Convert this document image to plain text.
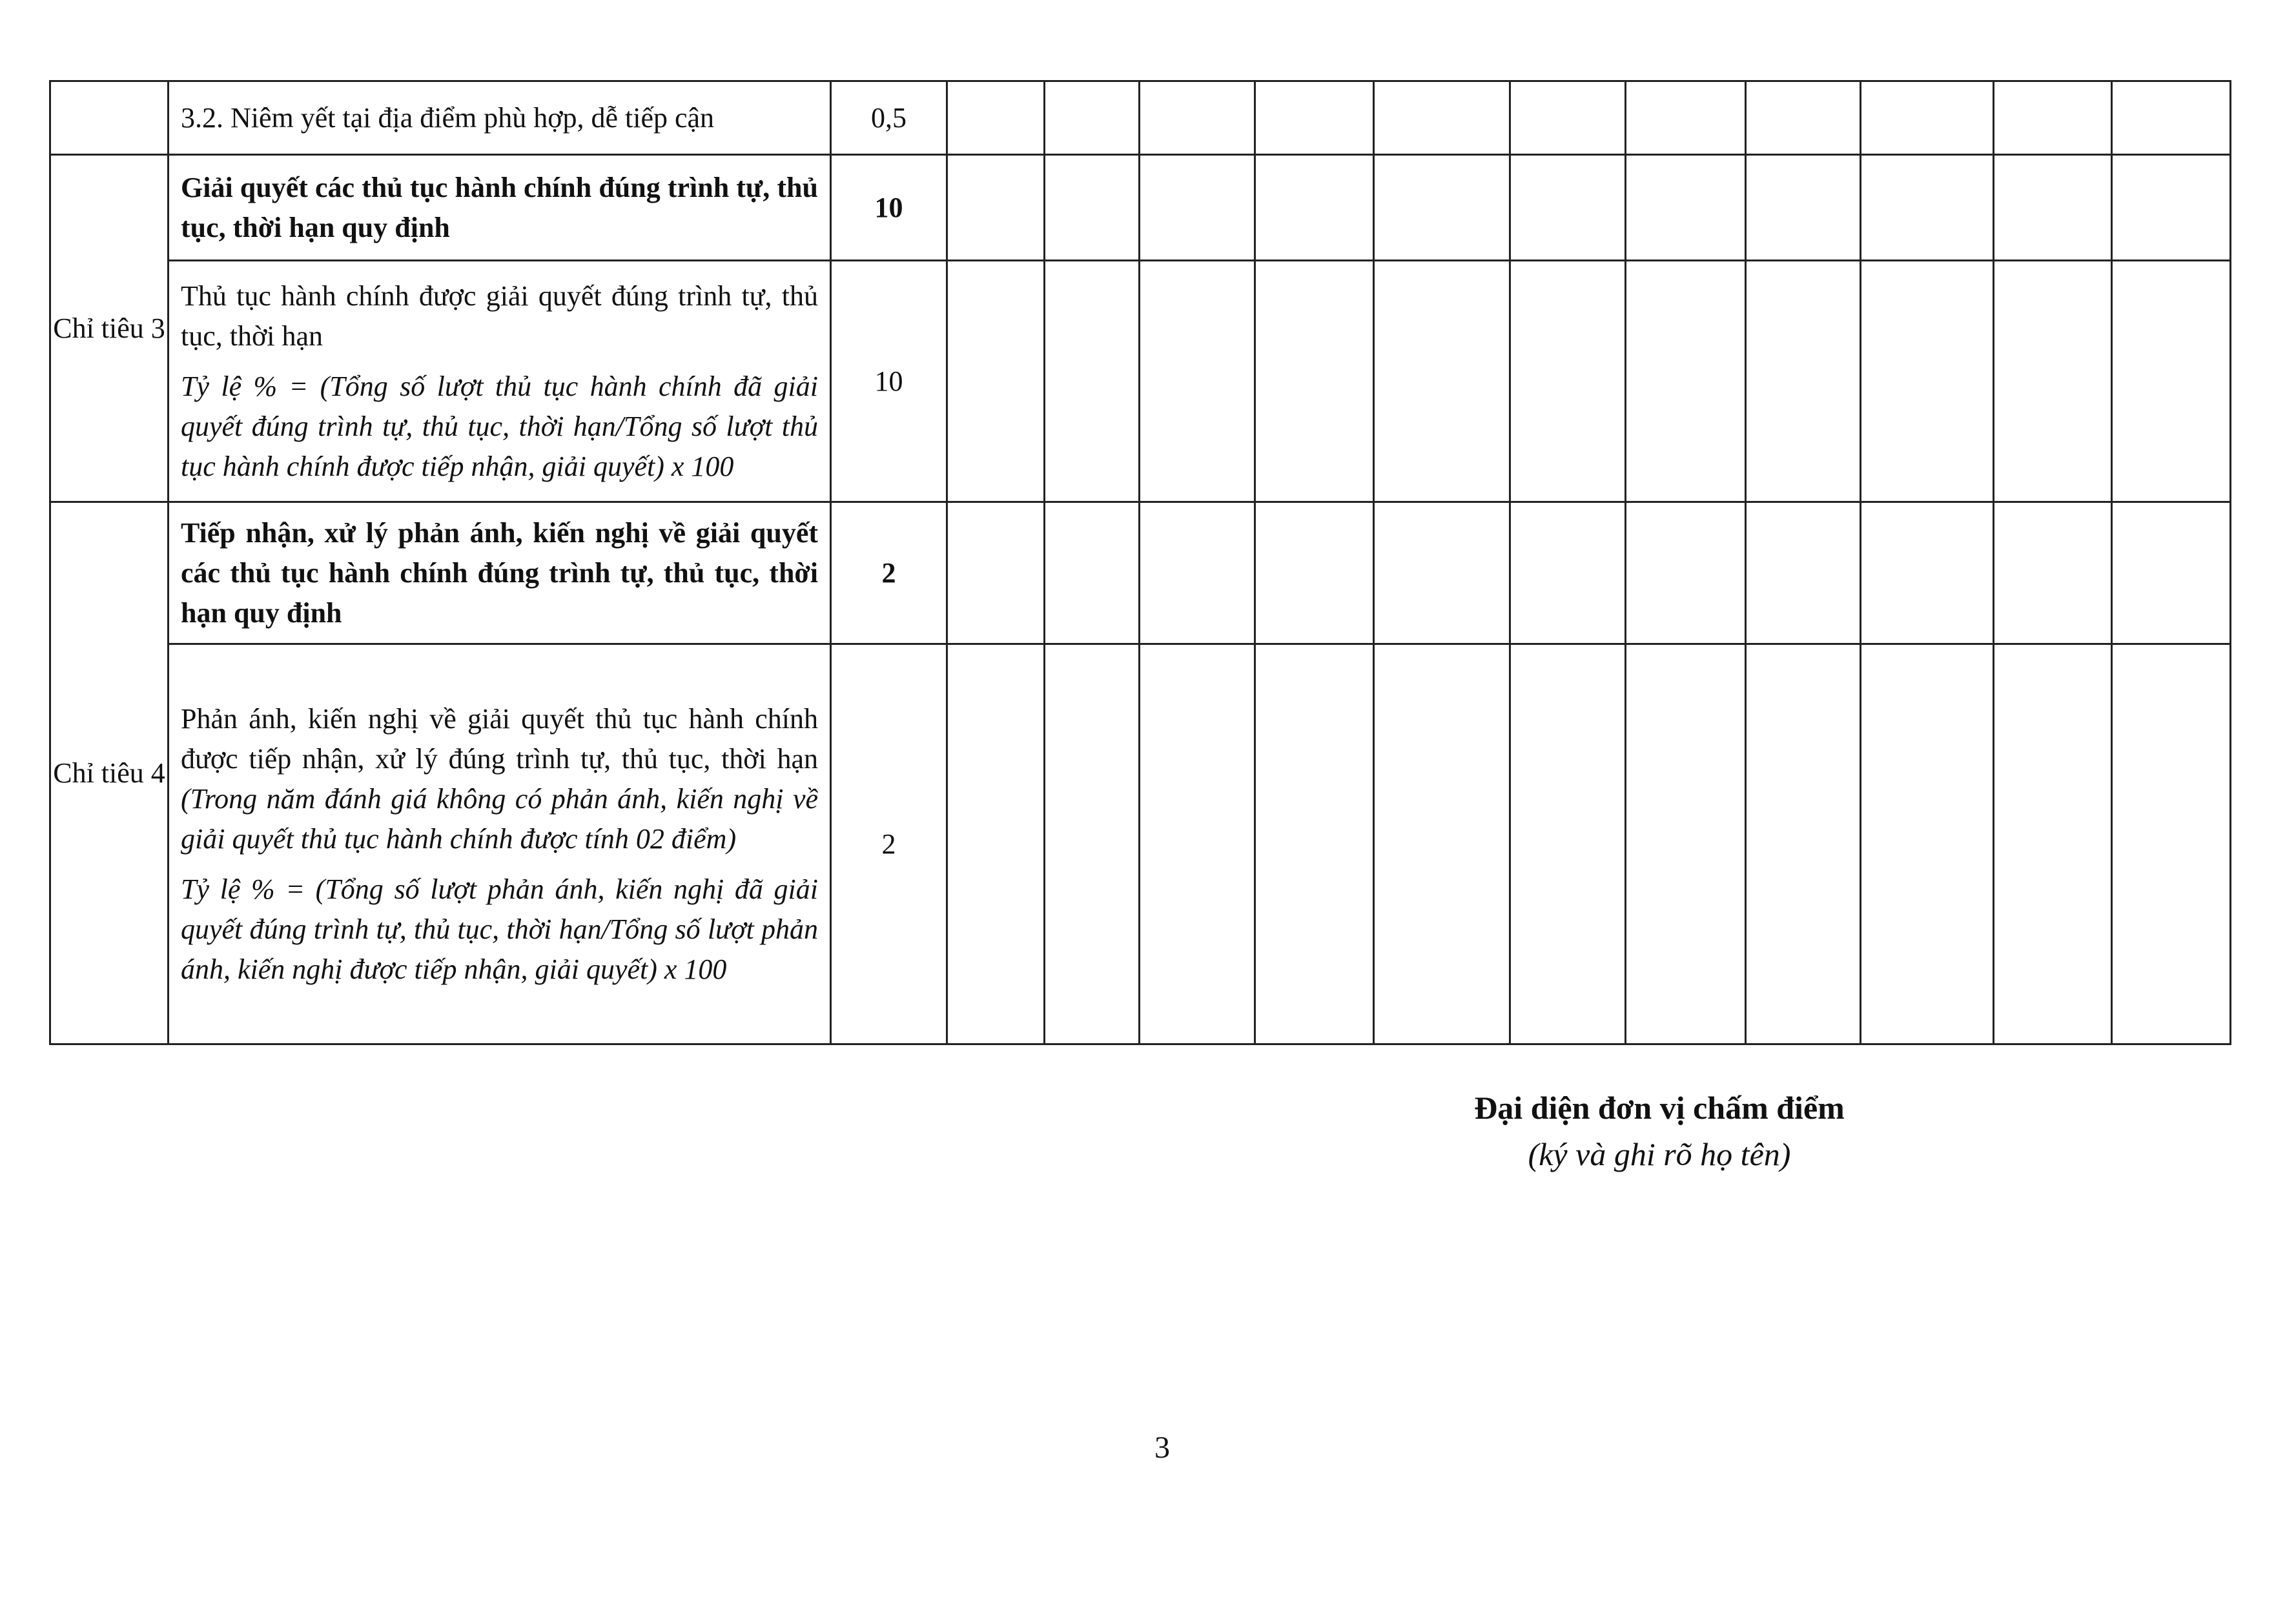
	3.2. Niêm yết tại địa điểm phù hợp, dễ tiếp cận	0,5											
Chỉ tiêu 3	Giải quyết các thủ tục hành chính đúng trình tự, thủ tục, thời hạn quy định	10											

	Thủ tục hành chính được giải quyết đúng trình tự, thủ tục, thời hạn
Tỷ lệ % = (Tổng số lượt thủ tục hành chính đã giải quyết đúng trình tự, thủ tục, thời hạn/Tổng số lượt thủ tục hành chính được tiếp nhận, giải quyết) x 100	10											
Chỉ tiêu 4	Tiếp nhận, xử lý phản ánh, kiến nghị về giải quyết các thủ tục hành chính đúng trình tự, thủ tục, thời hạn quy định	2											

	Phản ánh, kiến nghị về giải quyết thủ tục hành chính được tiếp nhận, xử lý đúng trình tự, thủ tục, thời hạn (Trong năm đánh giá không có phản ánh, kiến nghị về giải quyết thủ tục hành chính được tính 02 điểm)
Tỷ lệ % = (Tổng số lượt phản ánh, kiến nghị đã giải quyết đúng trình tự, thủ tục, thời hạn/Tổng số lượt phản ánh, kiến nghị được tiếp nhận, giải quyết) x 100	2											
Đại diện đơn vị chấm điểm
(ký và ghi rõ họ tên)
3
